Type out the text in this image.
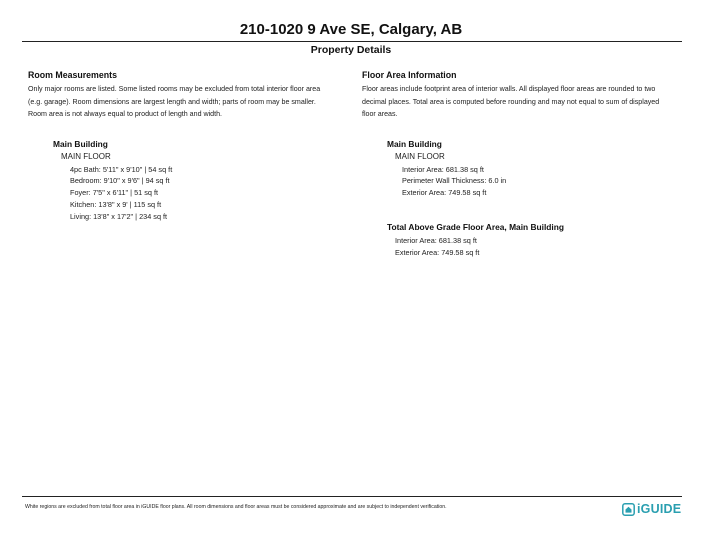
210-1020 9 Ave SE, Calgary, AB
Property Details
Room Measurements

Only major rooms are listed. Some listed rooms may be excluded from total interior floor area

(e.g. garage). Room dimensions are largest length and width; parts of room may be smaller.

Room area is not always equal to product of length and width.

Main Building
MAIN FLOOR
4pc Bath: 5'11" x 9'10" | 54 sq ft
Bedroom: 9'10" x 9'6" | 94 sq ft
Foyer: 7'5" x 6'11" | 51 sq ft
Kitchen: 13'8" x 9' | 115 sq ft
Living: 13'8" x 17'2" | 234 sq ft
Floor Area Information

Floor areas include footprint area of interior walls. All displayed floor areas are rounded to two

decimal places. Total area is computed before rounding and may not equal to sum of displayed

floor areas.

Main Building
MAIN FLOOR
Interior Area: 681.38 sq ft
Perimeter Wall Thickness: 6.0 in
Exterior Area: 749.58 sq ft
Total Above Grade Floor Area, Main Building
Interior Area: 681.38 sq ft
Exterior Area: 749.58 sq ft
White regions are excluded from total floor area in iGUIDE floor plans. All room dimensions and floor areas must be considered approximate and are subject to independent verification.	iGUIDE
